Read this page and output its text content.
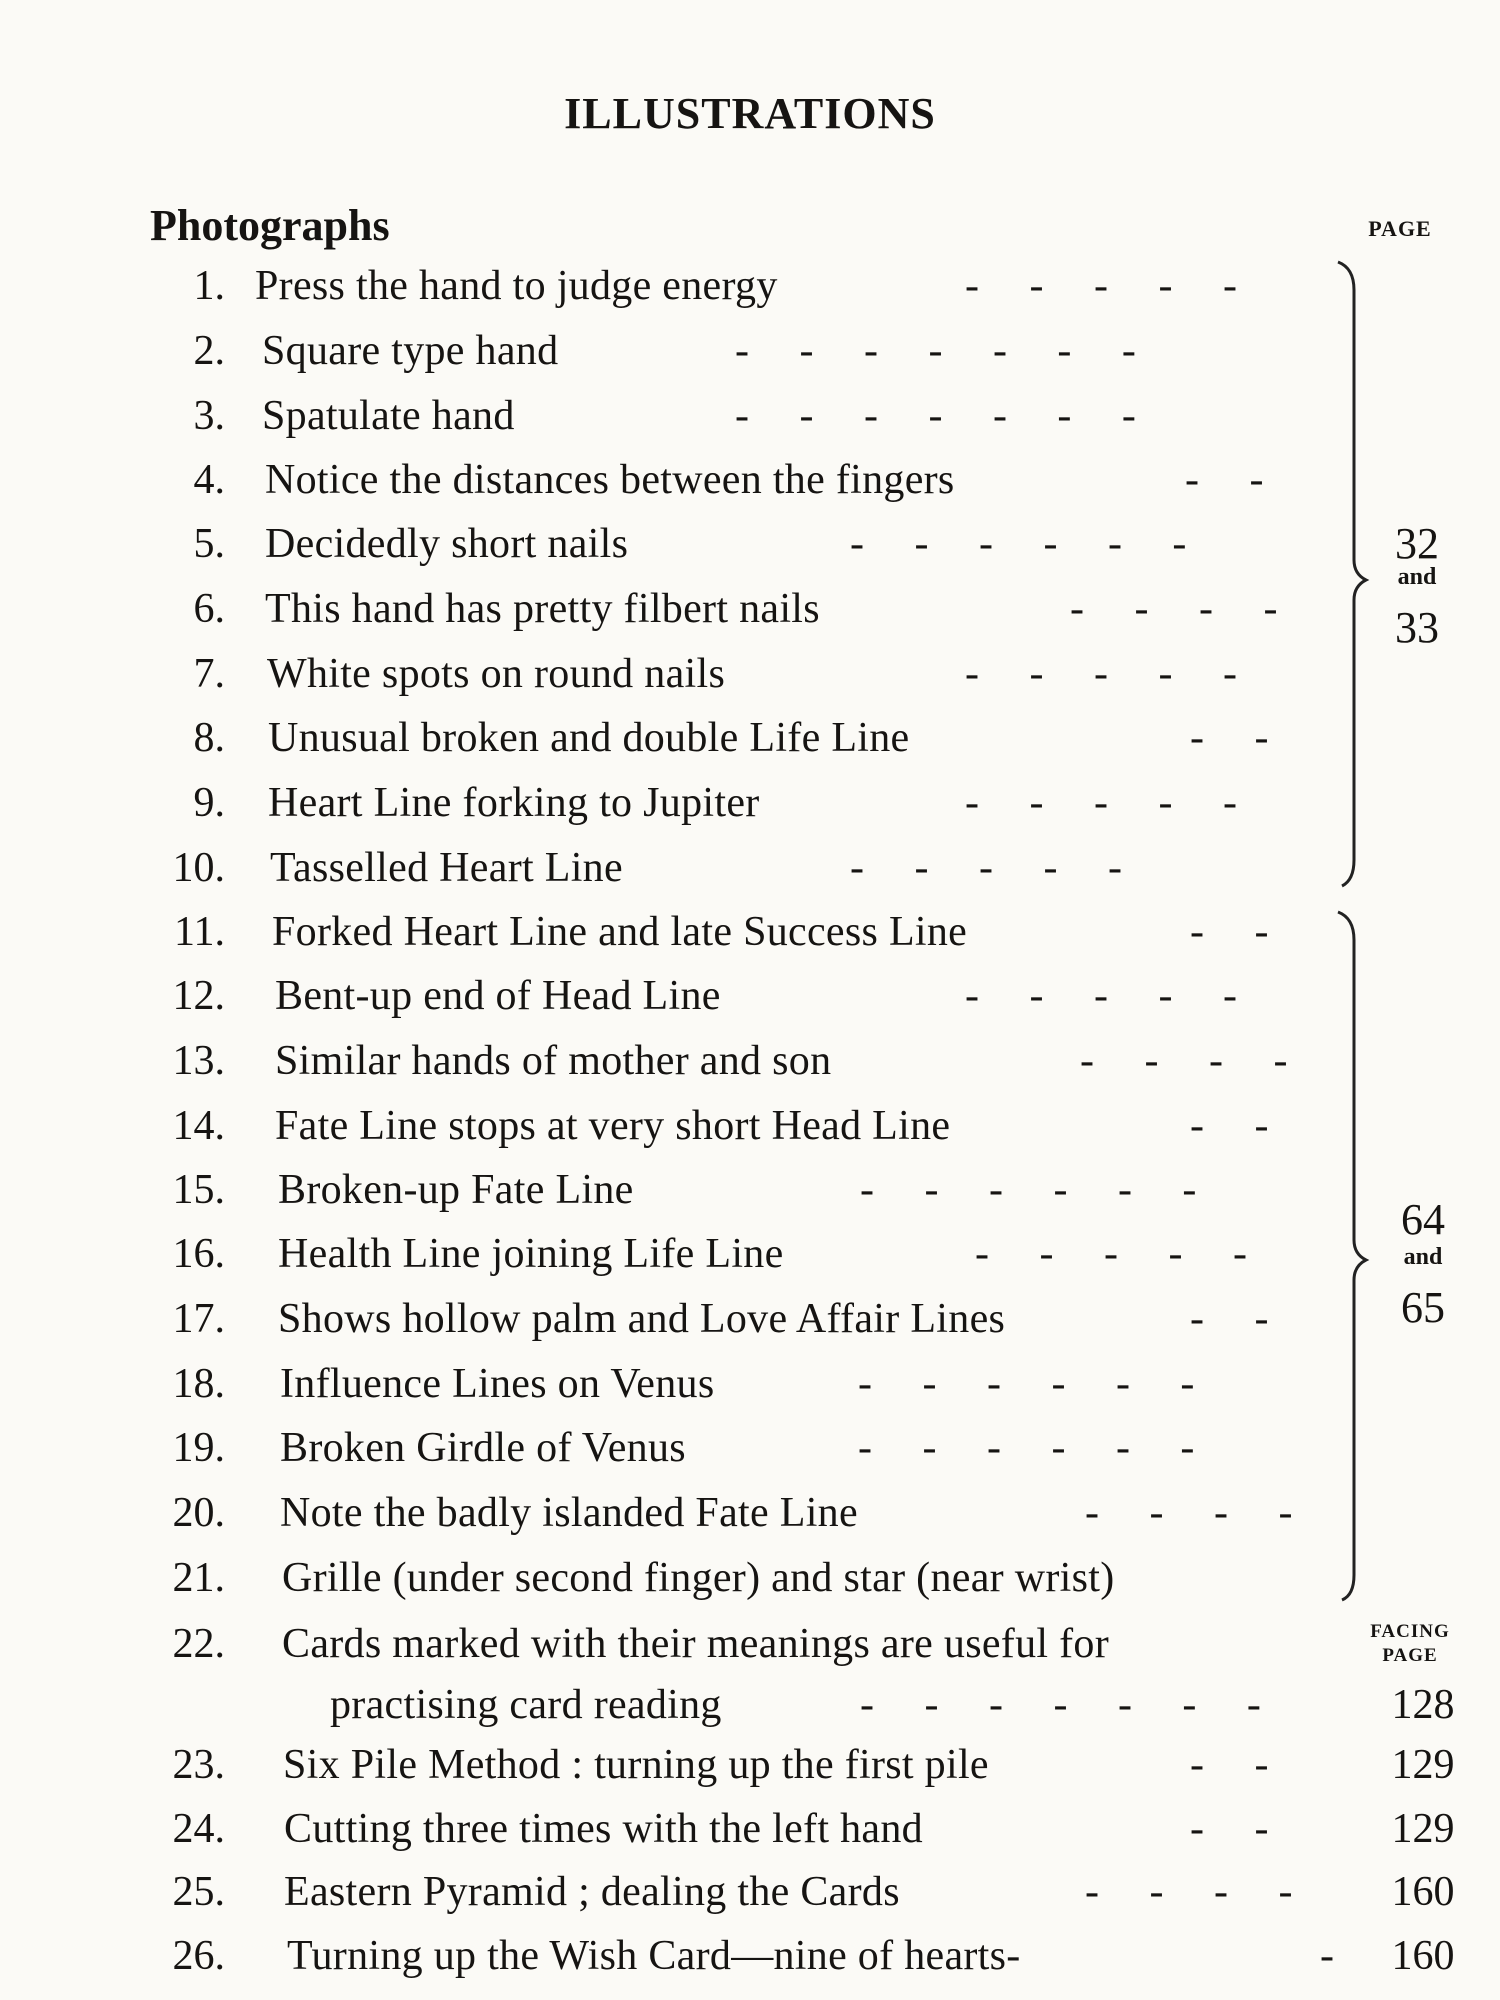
ILLUSTRATIONS
Photographs	PAGE
FACING
PAGE
32
and
33
64
and
65
1. Press the hand to judge energy	- - - - -
2. Square type hand	- - - - - - -
3. Spatulate hand	- - - - - - -
4. Notice the distances between the fingers	- -
5. Decidedly short nails	- - - - - -
6. This hand has pretty filbert nails	- - - -
7. White spots on round nails	- - - - -
8. Unusual broken and double Life Line	- -
9. Heart Line forking to Jupiter	- - - - -
10. Tasselled Heart Line	- - - - -
11. Forked Heart Line and late Success Line	- -
12. Bent-up end of Head Line	- - - - -
13. Similar hands of mother and son	- - - -
14. Fate Line stops at very short Head Line	- -
15. Broken-up Fate Line	- - - - - -
16. Health Line joining Life Line	- - - - -
17. Shows hollow palm and Love Affair Lines	- -
18. Influence Lines on Venus	- - - - - -
19. Broken Girdle of Venus	- - - - - -
20. Note the badly islanded Fate Line	- - - -
21. Grille (under second finger) and star (near wrist)
22. Cards marked with their meanings are useful for
practising card reading	- - - - - - -	128
23. Six Pile Method : turning up the first pile	- -	129
24. Cutting three times with the left hand	- -	129
25. Eastern Pyramid ; dealing the Cards	- - - -	160
26. Turning up the Wish Card—nine of hearts-	-	160
